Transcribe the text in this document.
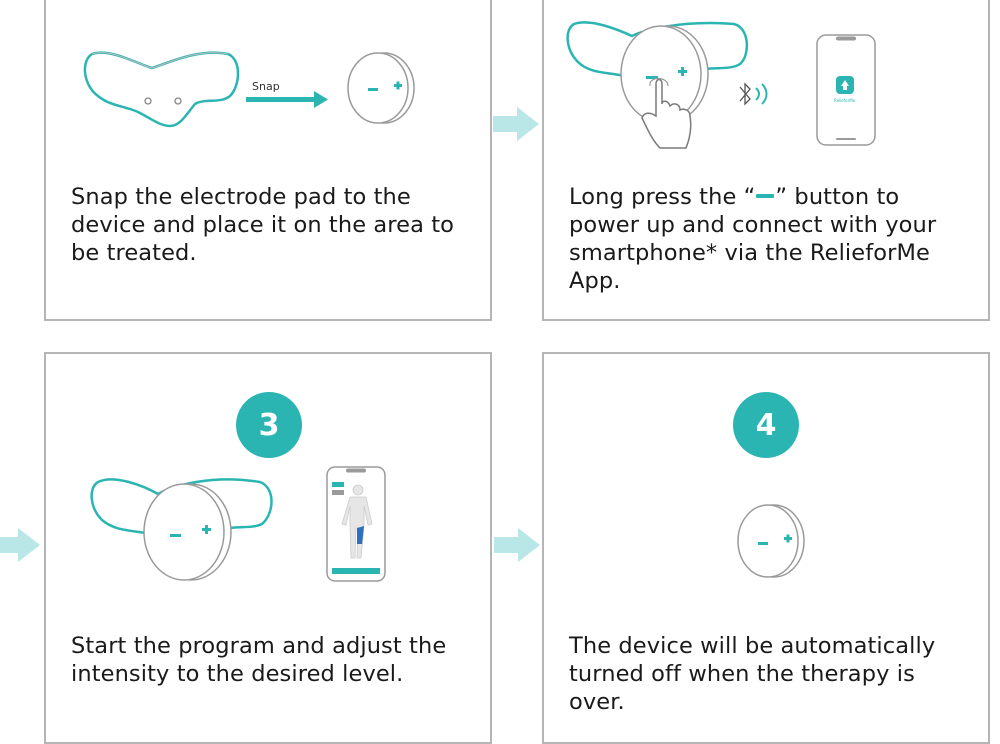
Snap
Snap the electrode pad to the device and place it on the area to be treated.
RelieforMe
Long press the “ ” button to power up and connect with your smartphone* via the RelieforMe App.
3
Start the program and adjust the intensity to the desired level.
4
The device will be automatically turned off when the therapy is over.
